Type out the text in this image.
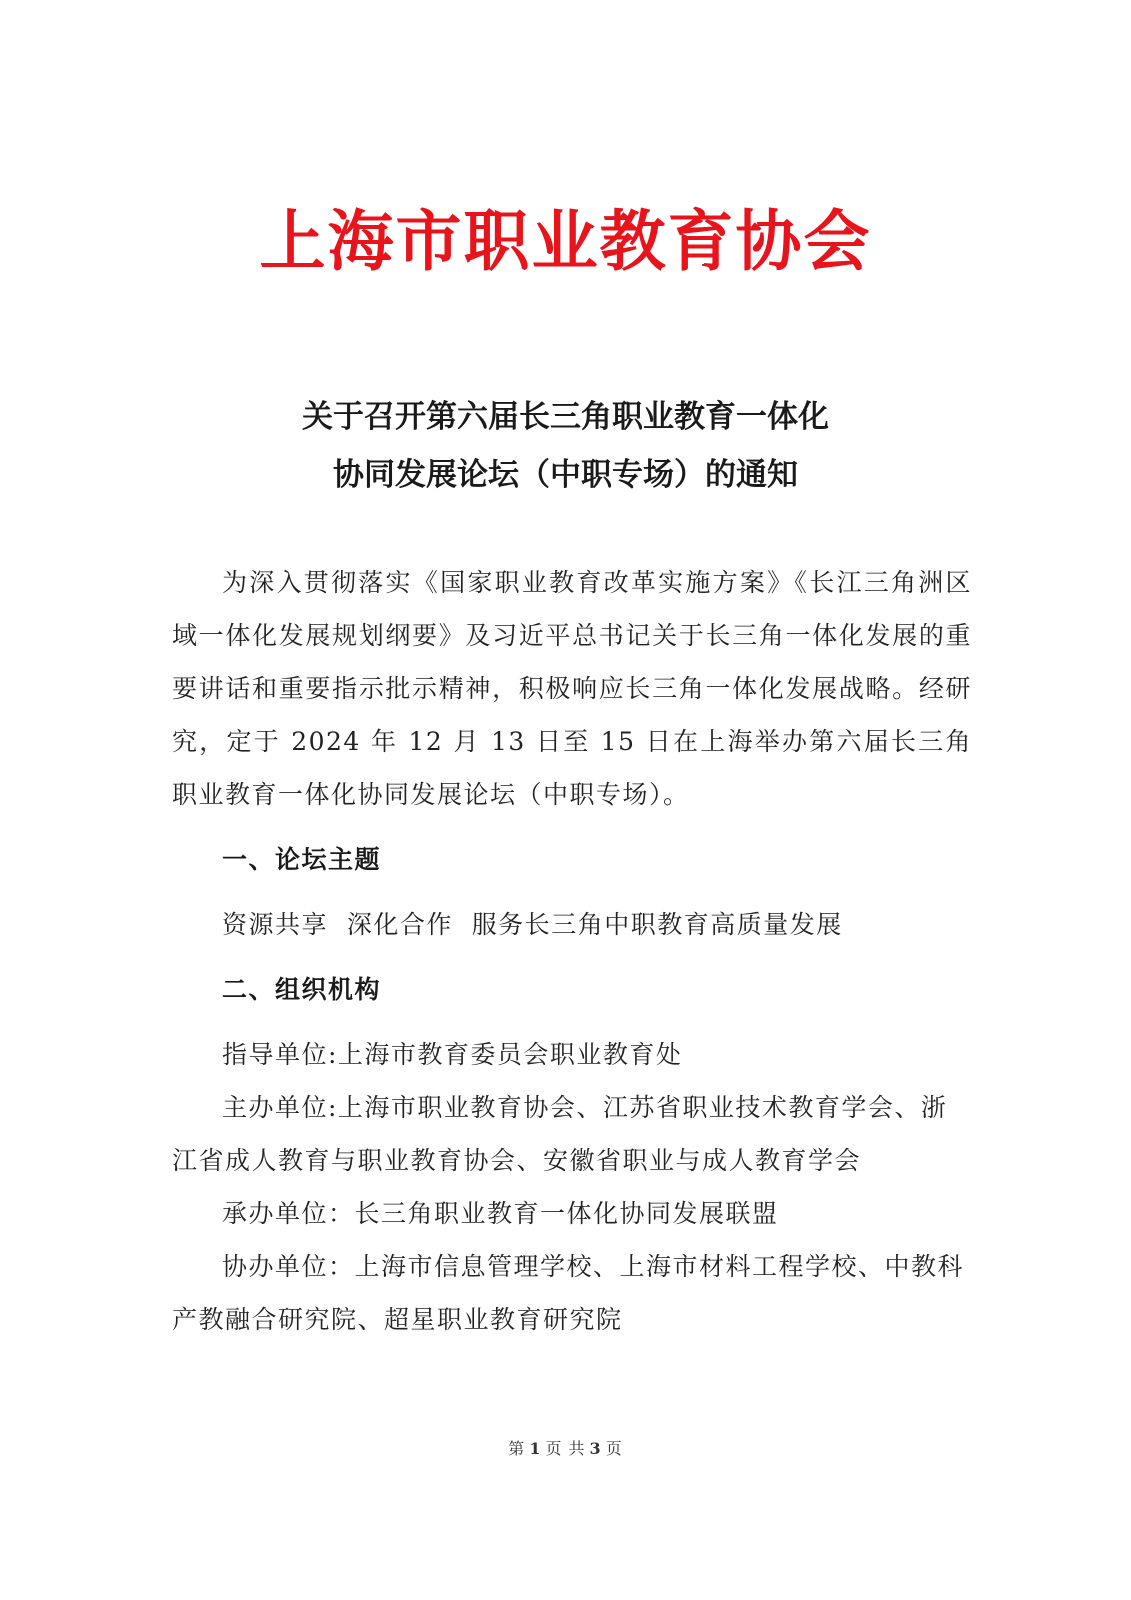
上海市职业教育协会
关于召开第六届长三角职业教育一体化
协同发展论坛（中职专场）的通知

为深入贯彻落实《国家职业教育改革实施方案》《长江三角洲区域一体化发展规划纲要》及习近平总书记关于长三角一体化发展的重要讲话和重要指示批示精神，积极响应长三角一体化发展战略。经研究，定于 2024 年 12 月 13 日至 15 日在上海举办第六届长三角职业教育一体化协同发展论坛（中职专场）。

一、论坛主题

资源共享  深化合作  服务长三角中职教育高质量发展

二、组织机构

指导单位:上海市教育委员会职业教育处

主办单位:上海市职业教育协会、江苏省职业技术教育学会、浙江省成人教育与职业教育协会、安徽省职业与成人教育学会

承办单位：长三角职业教育一体化协同发展联盟

协办单位：上海市信息管理学校、上海市材料工程学校、中教科产教融合研究院、超星职业教育研究院

第 1 页 共 3 页
